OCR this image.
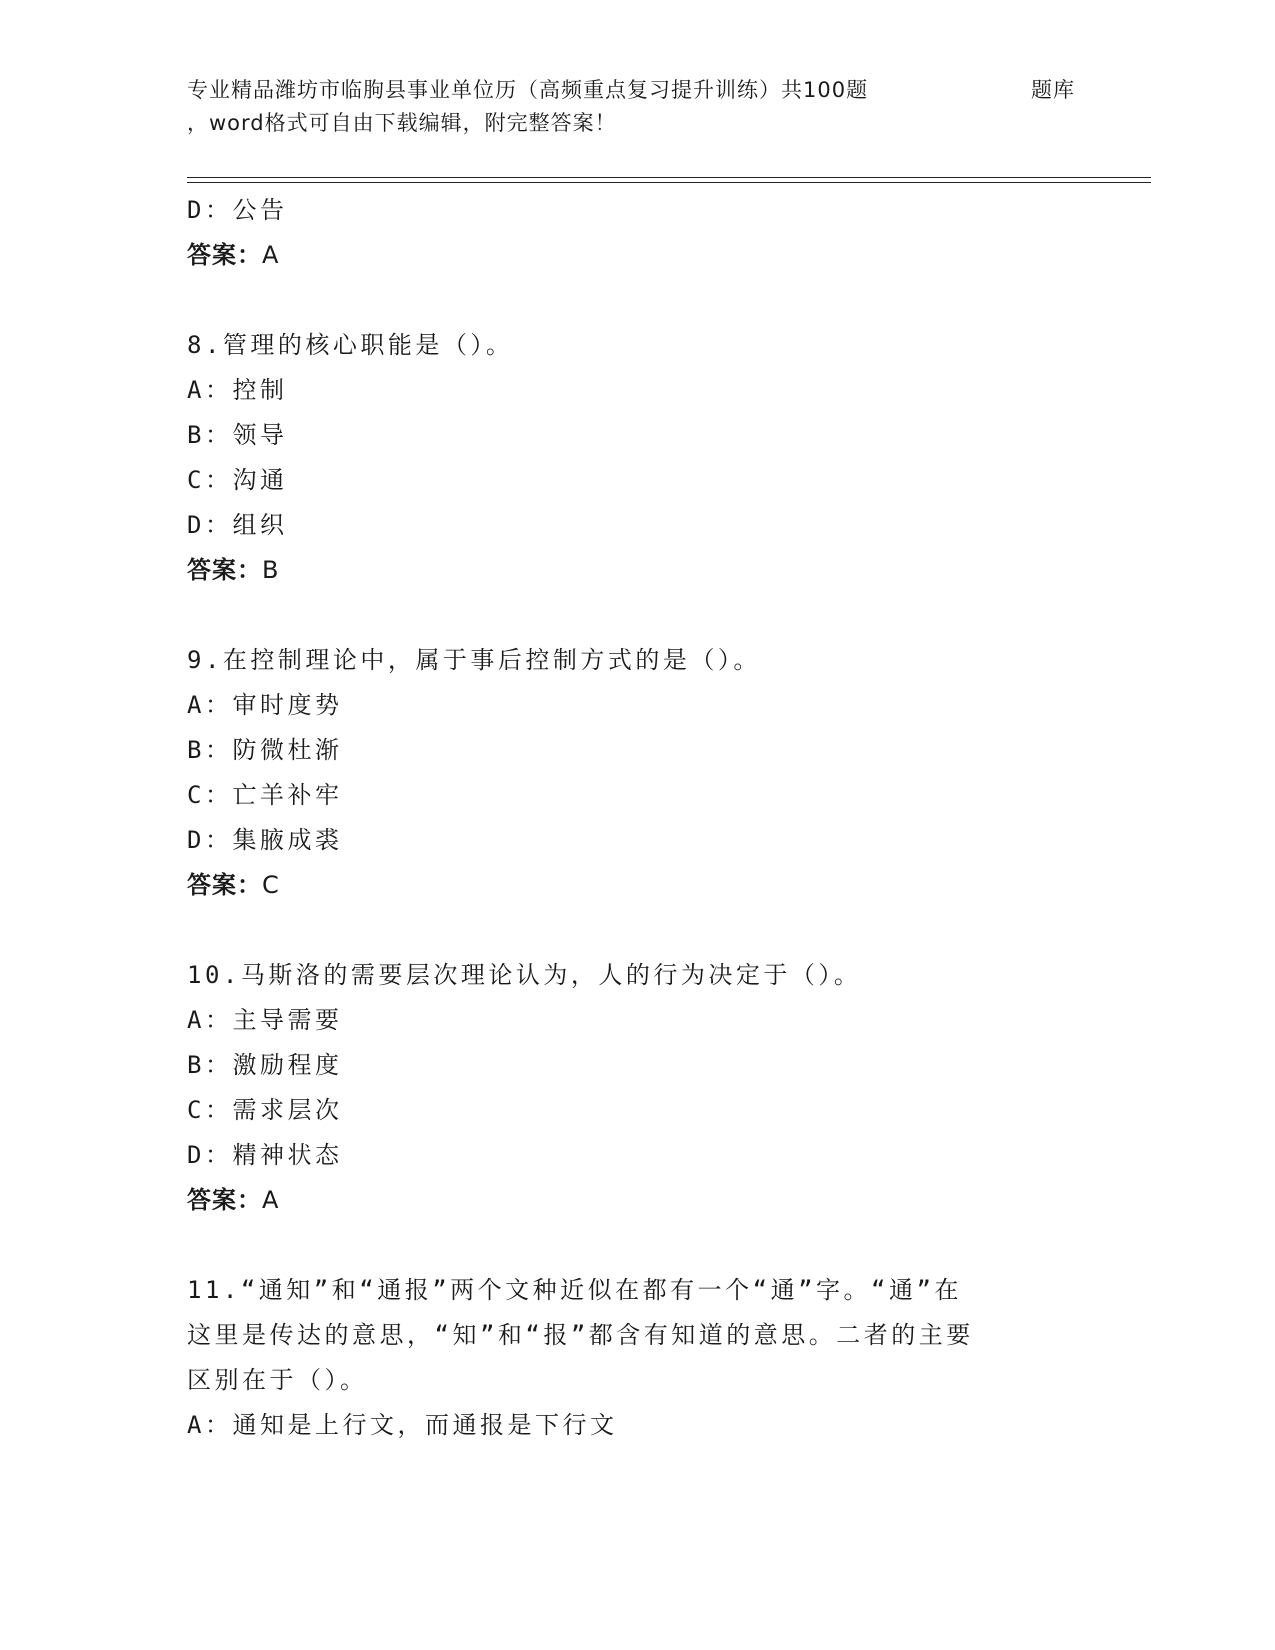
专业精品潍坊市临朐县事业单位历（高频重点复习提升训练）共100题	题库
，word格式可自由下载编辑，附完整答案！
D：公告
答案：A
8.管理的核心职能是（）。
A：控制
B：领导
C：沟通
D：组织
答案：B
9.在控制理论中，属于事后控制方式的是（）。
A：审时度势
B：防微杜渐
C：亡羊补牢
D：集腋成裘
答案：C
10.马斯洛的需要层次理论认为，人的行为决定于（）。
A：主导需要
B：激励程度
C：需求层次
D：精神状态
答案：A
11.“通知”和“通报”两个文种近似在都有一个“通”字。“通”在
这里是传达的意思，“知”和“报”都含有知道的意思。二者的主要
区别在于（）。
A：通知是上行文，而通报是下行文
